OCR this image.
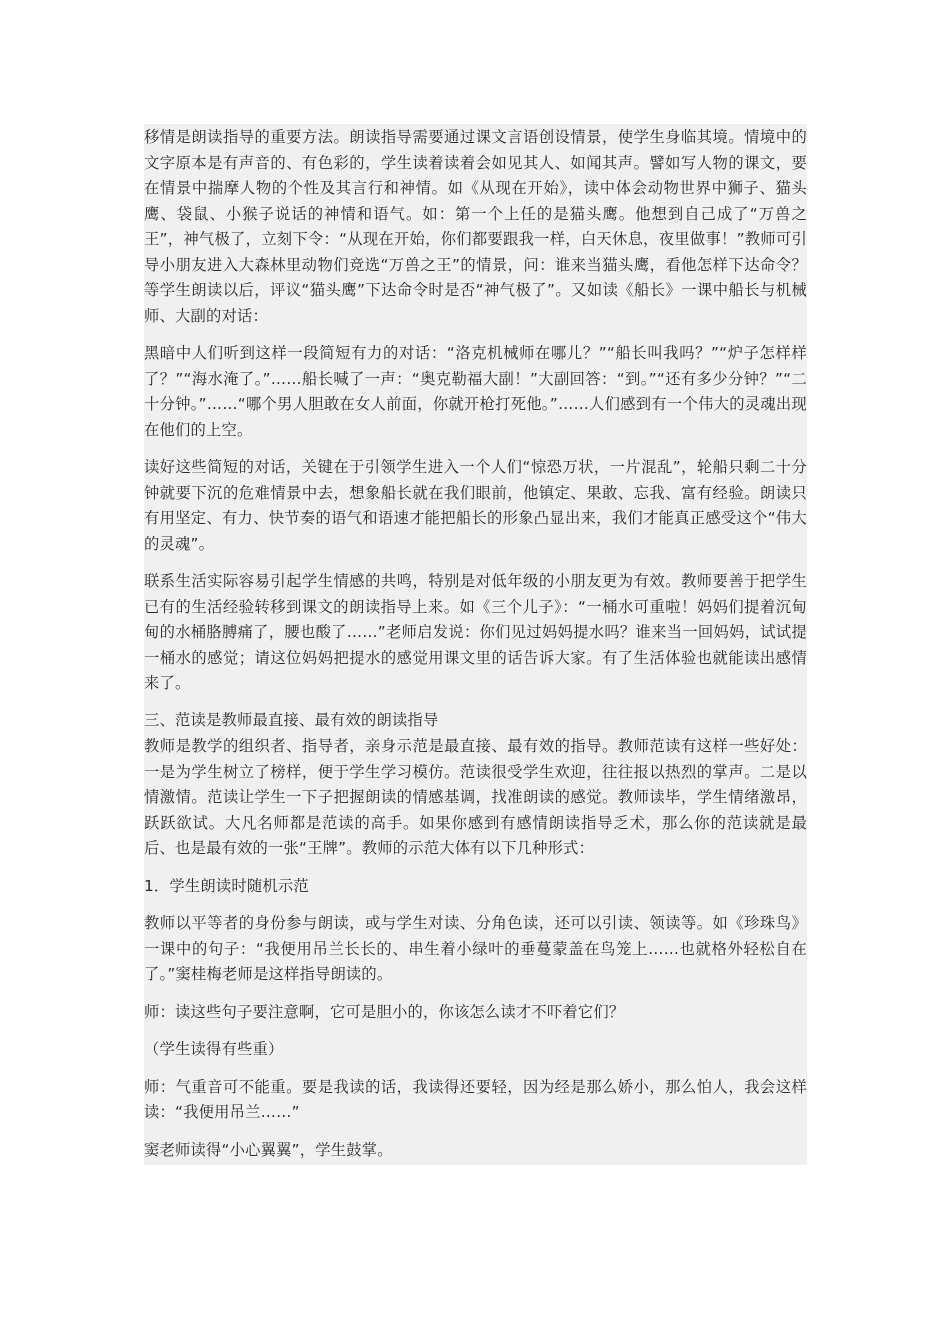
移情是朗读指导的重要方法。朗读指导需要通过课文言语创设情景，使学生身临其境。情境中的文字原本是有声音的、有色彩的，学生读着读着会如见其人、如闻其声。譬如写人物的课文，要在情景中揣摩人物的个性及其言行和神情。如《从现在开始》，读中体会动物世界中狮子、猫头鹰、袋鼠、小猴子说话的神情和语气。如：第一个上任的是猫头鹰。他想到自己成了“万兽之王”，神气极了，立刻下令：“从现在开始，你们都要跟我一样，白天休息，夜里做事！”教师可引导小朋友进入大森林里动物们竞选“万兽之王”的情景，问：谁来当猫头鹰，看他怎样下达命令？等学生朗读以后，评议“猫头鹰”下达命令时是否“神气极了”。又如读《船长》一课中船长与机械师、大副的对话：

黑暗中人们听到这样一段简短有力的对话：“洛克机械师在哪儿？”“船长叫我吗？”“炉子怎样样了？”“海水淹了。”……船长喊了一声：“奥克勒福大副！”大副回答：“到。”“还有多少分钟？”“二十分钟。”……“哪个男人胆敢在女人前面，你就开枪打死他。”……人们感到有一个伟大的灵魂出现在他们的上空。

读好这些简短的对话，关键在于引领学生进入一个人们“惊恐万状，一片混乱”，轮船只剩二十分钟就要下沉的危难情景中去，想象船长就在我们眼前，他镇定、果敢、忘我、富有经验。朗读只有用坚定、有力、快节奏的语气和语速才能把船长的形象凸显出来，我们才能真正感受这个“伟大的灵魂”。

联系生活实际容易引起学生情感的共鸣，特别是对低年级的小朋友更为有效。教师要善于把学生已有的生活经验转移到课文的朗读指导上来。如《三个儿子》：“一桶水可重啦！妈妈们提着沉甸甸的水桶胳膊痛了，腰也酸了……”老师启发说：你们见过妈妈提水吗？谁来当一回妈妈，试试提一桶水的感觉；请这位妈妈把提水的感觉用课文里的话告诉大家。有了生活体验也就能读出感情来了。

三、范读是教师最直接、最有效的朗读指导

教师是教学的组织者、指导者，亲身示范是最直接、最有效的指导。教师范读有这样一些好处：一是为学生树立了榜样，便于学生学习模仿。范读很受学生欢迎，往往报以热烈的掌声。二是以情激情。范读让学生一下子把握朗读的情感基调，找准朗读的感觉。教师读毕，学生情绪激昂，跃跃欲试。大凡名师都是范读的高手。如果你感到有感情朗读指导乏术，那么你的范读就是最后、也是最有效的一张“王牌”。教师的示范大体有以下几种形式：

1．学生朗读时随机示范

教师以平等者的身份参与朗读，或与学生对读、分角色读，还可以引读、领读等。如《珍珠鸟》一课中的句子：“我便用吊兰长长的、串生着小绿叶的垂蔓蒙盖在鸟笼上……也就格外轻松自在了。”窦桂梅老师是这样指导朗读的。

师：读这些句子要注意啊，它可是胆小的，你该怎么读才不吓着它们？

（学生读得有些重）

师：气重音可不能重。要是我读的话，我读得还要轻，因为经是那么娇小，那么怕人，我会这样读：“我便用吊兰……”

窦老师读得“小心翼翼”，学生鼓掌。
